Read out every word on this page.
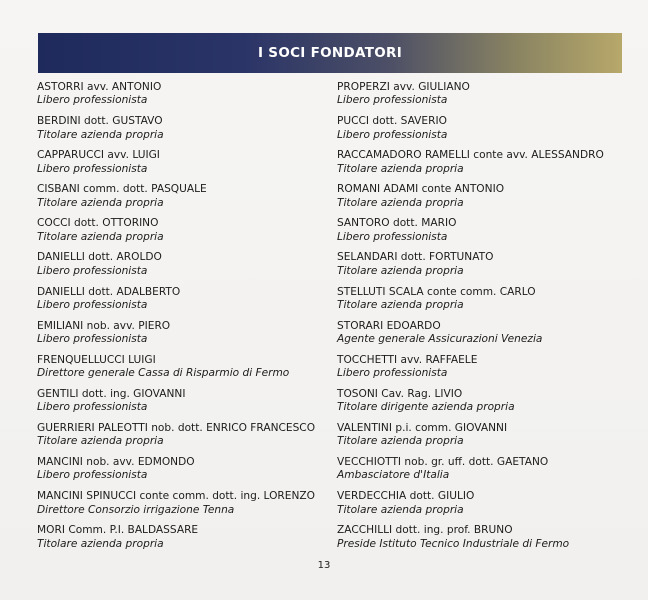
I SOCI FONDATORI
ASTORRI avv. ANTONIO
Libero professionista
BERDINI dott. GUSTAVO
Titolare azienda propria
CAPPARUCCI avv. LUIGI
Libero professionista
CISBANI comm. dott. PASQUALE
Titolare azienda propria
COCCI dott. OTTORINO
Titolare azienda propria
DANIELLI dott. AROLDO
Libero professionista
DANIELLI dott. ADALBERTO
Libero professionista
EMILIANI nob. avv. PIERO
Libero professionista
FRENQUELLUCCI LUIGI
Direttore generale Cassa di Risparmio di Fermo
GENTILI dott. ing. GIOVANNI
Libero professionista
GUERRIERI PALEOTTI nob. dott. ENRICO FRANCESCO
Titolare azienda propria
MANCINI nob. avv. EDMONDO
Libero professionista
MANCINI SPINUCCI conte comm. dott. ing. LORENZO
Direttore Consorzio irrigazione Tenna
MORI Comm. P.I. BALDASSARE
Titolare azienda propria
PROPERZI avv. GIULIANO
Libero professionista
PUCCI dott. SAVERIO
Libero professionista
RACCAMADORO RAMELLI conte avv. ALESSANDRO
Titolare azienda propria
ROMANI ADAMI conte ANTONIO
Titolare azienda propria
SANTORO dott. MARIO
Libero professionista
SELANDARI dott. FORTUNATO
Titolare azienda propria
STELLUTI SCALA conte comm. CARLO
Titolare azienda propria
STORARI EDOARDO
Agente generale Assicurazioni Venezia
TOCCHETTI avv. RAFFAELE
Libero professionista
TOSONI Cav. Rag. LIVIO
Titolare dirigente azienda propria
VALENTINI p.i. comm. GIOVANNI
Titolare azienda propria
VECCHIOTTI nob. gr. uff. dott. GAETANO
Ambasciatore d'Italia
VERDECCHIA dott. GIULIO
Titolare azienda propria
ZACCHILLI dott. ing. prof. BRUNO
Preside Istituto Tecnico Industriale di Fermo
13
